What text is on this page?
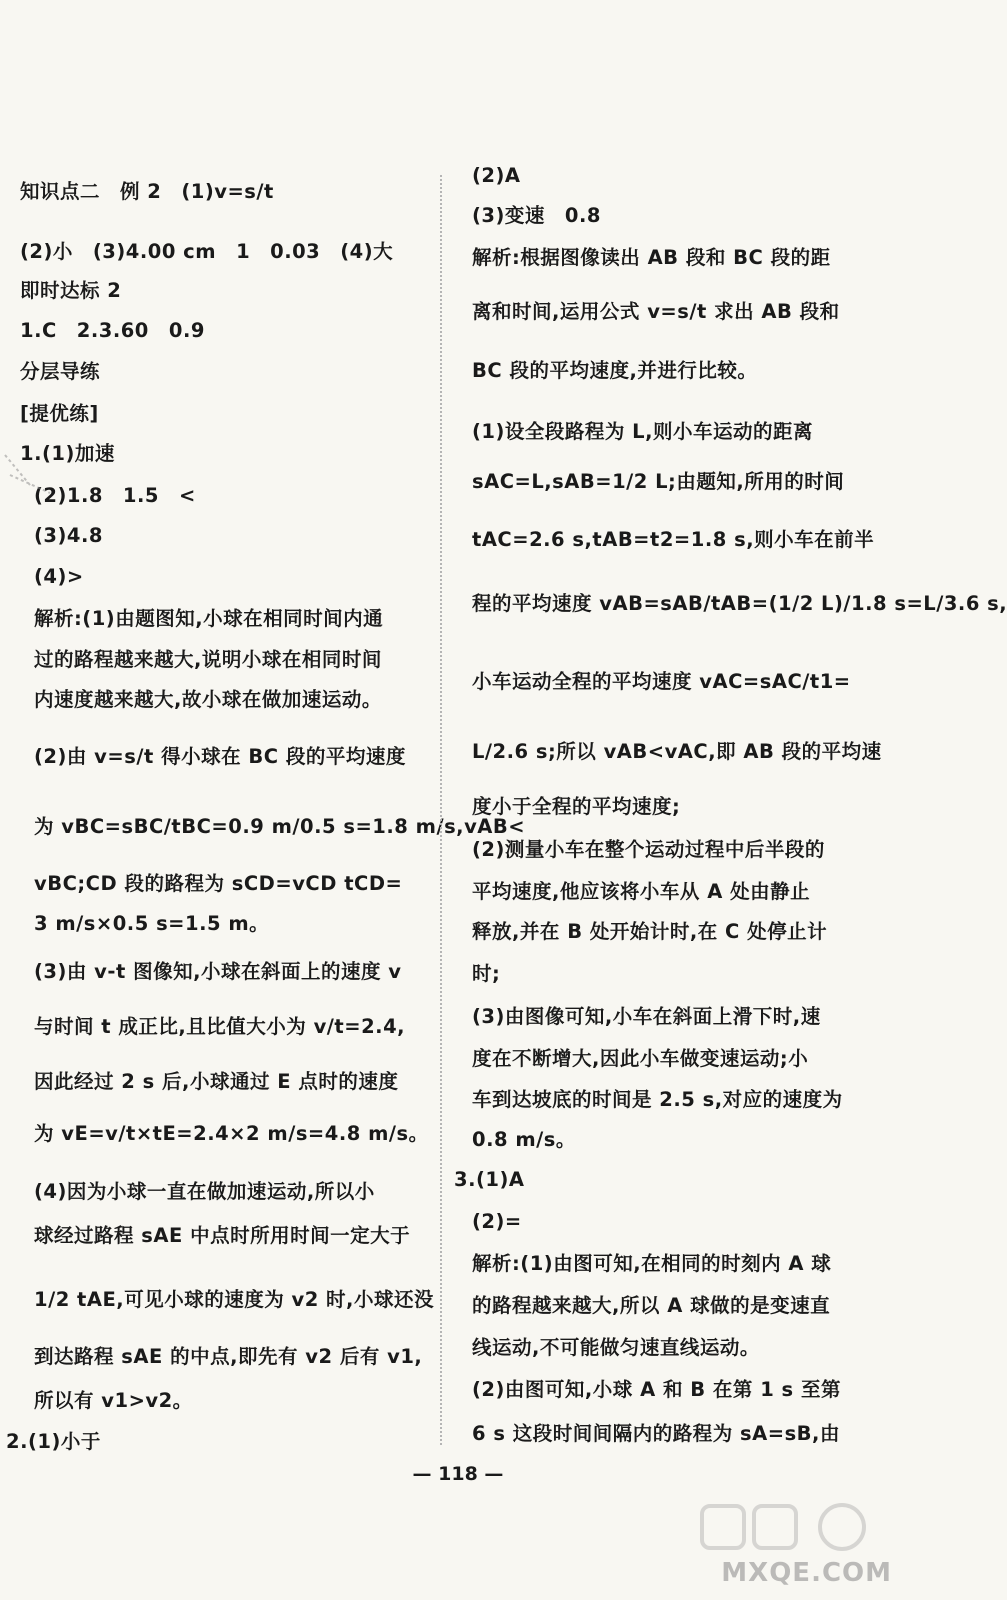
知识点二　例 2　(1)v=s/t
(2)小　(3)4.00 cm　1　0.03　(4)大
即时达标 2
1.C　2.3.60　0.9
分层导练
[提优练]
1.(1)加速
(2)1.8　1.5　<
(3)4.8
(4)>
解析:(1)由题图知,小球在相同时间内通
过的路程越来越大,说明小球在相同时间
内速度越来越大,故小球在做加速运动。
(2)由 v=s/t 得小球在 BC 段的平均速度
为 vBC=sBC/tBC=0.9 m/0.5 s=1.8 m/s,vAB<
vBC;CD 段的路程为 sCD=vCD tCD=
3 m/s×0.5 s=1.5 m。
(3)由 v-t 图像知,小球在斜面上的速度 v
与时间 t 成正比,且比值大小为 v/t=2.4,
因此经过 2 s 后,小球通过 E 点时的速度
为 vE=v/t×tE=2.4×2 m/s=4.8 m/s。
(4)因为小球一直在做加速运动,所以小
球经过路程 sAE 中点时所用时间一定大于
1/2 tAE,可见小球的速度为 v2 时,小球还没
到达路程 sAE 的中点,即先有 v2 后有 v1,
所以有 v1>v2。
2.(1)小于
(2)A
(3)变速　0.8
解析:根据图像读出 AB 段和 BC 段的距
离和时间,运用公式 v=s/t 求出 AB 段和
BC 段的平均速度,并进行比较。
(1)设全段路程为 L,则小车运动的距离
sAC=L,sAB=1/2 L;由题知,所用的时间
tAC=2.6 s,tAB=t2=1.8 s,则小车在前半
程的平均速度 vAB=sAB/tAB=(1/2 L)/1.8 s=L/3.6 s,
小车运动全程的平均速度 vAC=sAC/t1=
L/2.6 s;所以 vAB<vAC,即 AB 段的平均速
度小于全程的平均速度;
(2)测量小车在整个运动过程中后半段的
平均速度,他应该将小车从 A 处由静止
释放,并在 B 处开始计时,在 C 处停止计
时;
(3)由图像可知,小车在斜面上滑下时,速
度在不断增大,因此小车做变速运动;小
车到达坡底的时间是 2.5 s,对应的速度为
0.8 m/s。
3.(1)A
(2)=
解析:(1)由图可知,在相同的时刻内 A 球
的路程越来越大,所以 A 球做的是变速直
线运动,不可能做匀速直线运动。
(2)由图可知,小球 A 和 B 在第 1 s 至第
6 s 这段时间间隔内的路程为 sA=sB,由
— 118 —
MXQE.COM
